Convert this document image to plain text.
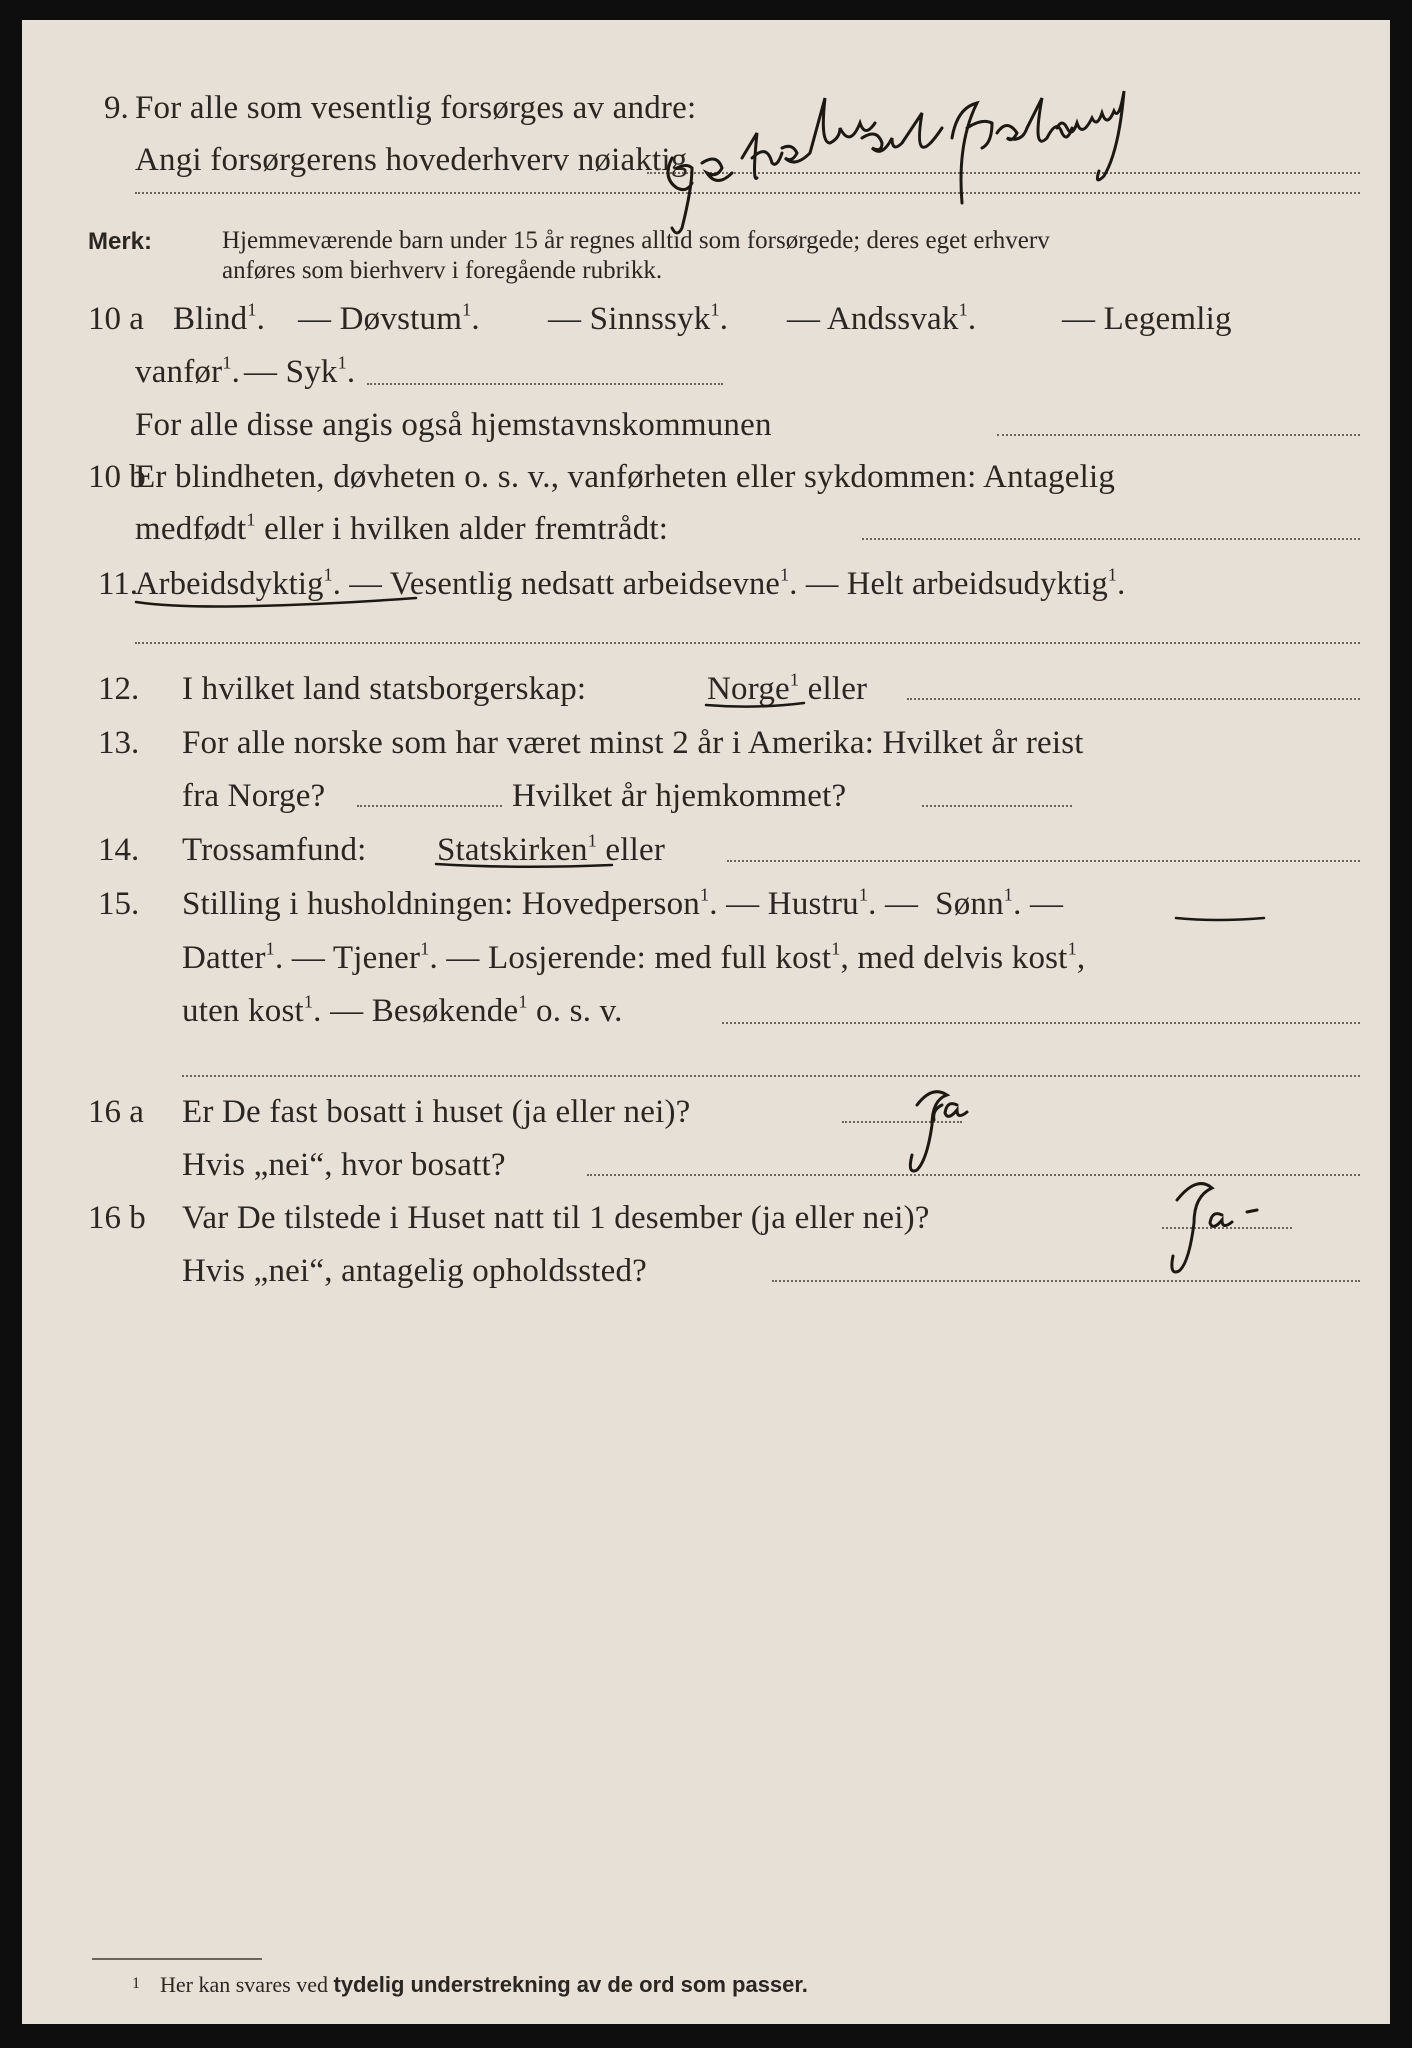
9. For alle som vesentlig forsørges av andre:
Angi forsørgerens hovederhverv nøiaktig
Merk:	Hjemmeværende barn under 15 år regnes alltid som forsørgede; deres eget erhverv
anføres som bierhverv i foregående rubrikk.
10 a Blind$^1$. — Døvstum$^1$. — Sinnssyk$^1$. — Andssvak$^1$.	— Legemlig
vanfør$^1$. — Syk$^1$.
For alle disse angis også hjemstavnskommunen
10 b
Er blindheten, døvheten o. s. v., vanførheten eller sykdommen: Antagelig
medfødt$^1$ eller i hvilken alder fremtrådt:
11.
Arbeidsdyktig$^1$. — Vesentlig nedsatt arbeidsevne$^1$. — Helt arbeidsudyktig$^1$.
12. I hvilket land statsborgerskap:	Norge$^1$ eller
13. For alle norske som har været minst 2 år i Amerika: Hvilket år reist
fra Norge?	Hvilket år hjemkommet?
14. Trossamfund: Statskirken$^1$ eller
15. Stilling i husholdningen: Hovedperson$^1$. — Hustru$^1$. — Sønn$^1$. —
Datter$^1$. — Tjener$^1$. — Losjerende: med full kost$^1$, med delvis kost$^1$,
uten kost$^1$. — Besøkende$^1$ o. s. v.
16 a Er De fast bosatt i huset (ja eller nei)?
Hvis „nei“, hvor bosatt?
16 b Var De tilstede i Huset natt til 1 desember (ja eller nei)?
Hvis „nei“, antagelig opholdssted?
1 Her kan svares ved tydelig understrekning av de ord som passer.
